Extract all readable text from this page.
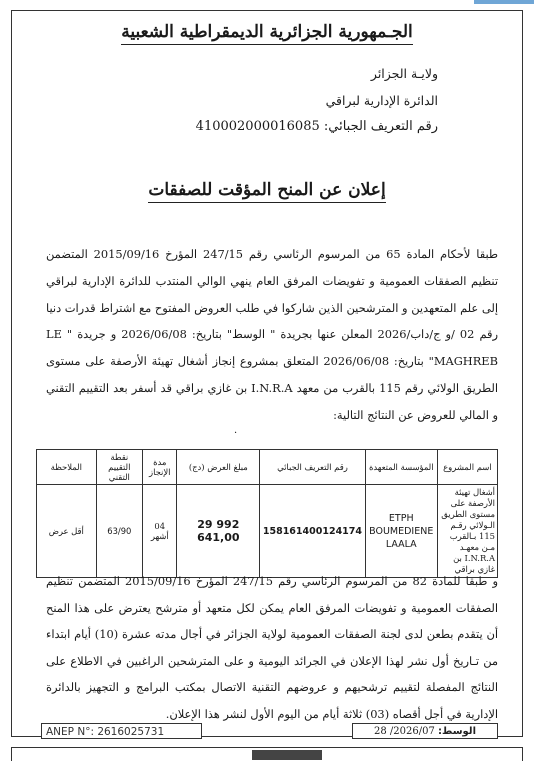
الجـمهورية الجزائرية الديمقراطية الشعبية
ولايـة الجزائر
الدائرة الإدارية لبراقي
رقم التعريف الجبائي: 410002000016085
إعلان عن المنح المؤقت للصفقات
طبقا لأحكام المادة 65 من المرسوم الرئاسي رقم 247/15 المؤرخ 2015/09/16 المتضمن تنظيم الصفقات العمومية و تفويضات المرفق العام ينهي الوالي المنتدب للدائرة الإدارية لبراقي إلى علم المتعهدين و المترشحين الذين شاركوا في طلب العروض المفتوح مع اشتراط قدرات دنيا رقم 02 /و ج/داب/2026 المعلن عنها بجريدة " الوسط" بتاريخ: 2026/06/08 و جريدة " LE MAGHREB" بتاريخ: 2026/06/08 المتعلق بمشروع إنجاز أشغال تهيئة الأرصفة على مستوى الطريق الولائي رقم 115 بالقرب من معهد I.N.R.A بن غازي براقي قد أسفر بعد التقييم التقني و المالي للعروض عن النتائج التالية:
·
اسم المشروع	المؤسسة المتعهدة	رقم التعريف الجبائي	مبلغ العرض (دج)	مدة الإنجاز	نقطة التقييم التقني	الملاحظة
أشغال تهيئة الأرصفة على مستوى الطريق الـولائي رقـم 115 بـالقرب مـن معهـد I.N.R.A بن غازي براقي	ETPH BOUMEDIENE LAALA	158161400124174	29 992 641,00	04 أشهر	63/90	أقل عرض
و طبقا للمادة 82 من المرسوم الرئاسي رقم 247/15 المؤرخ 2015/09/16 المتضمن تنظيم الصفقات العمومية و تفويضات المرفق العام يمكن لكل متعهد أو مترشح يعترض على هذا المنح أن يتقدم بطعن لدى لجنة الصفقات العمومية لولاية الجزائر في أجال مدته عشرة (10) أيام ابتداء من تـاريخ أول نشر لهذا الإعلان في الجرائد اليومية و على المترشحين الراغبين في الاطلاع على النتائج المفصلة لتقييم ترشحيهم و عروضهم التقنية الاتصال بمكتب البرامج و التجهيز بالدائرة الإدارية في أجل أقصاه (03) ثلاثة أيام من اليوم الأول لنشر هذا الإعلان.
ANEP N°: 2616025731	الوسط: 28 /2026/07
